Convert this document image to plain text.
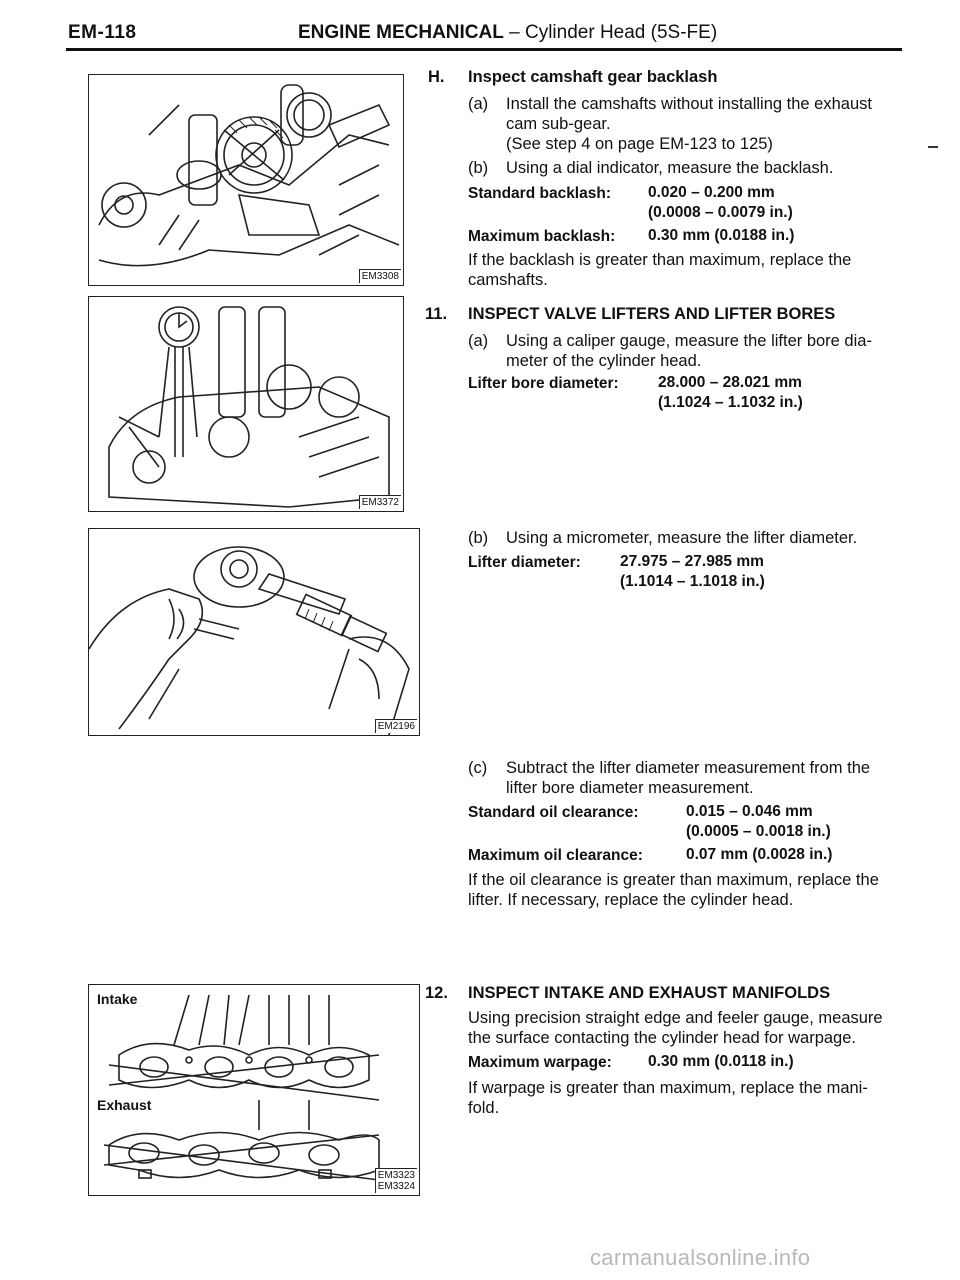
EM-118	ENGINE MECHANICAL – Cylinder Head (5S-FE)
EM3308
EM3372
EM2196
Intake
Exhaust
EM3323
EM3324
H. Inspect camshaft gear backlash
(a) Install the camshafts without installing the exhaust
cam sub-gear.
(See step 4 on page EM-123 to 125)
(b) Using a dial indicator, measure the backlash.
Standard backlash: 0.020 – 0.200 mm
(0.0008 – 0.0079 in.)
Maximum backlash: 0.30 mm (0.0188 in.)
If the backlash is greater than maximum, replace the
camshafts.
11. INSPECT VALVE LIFTERS AND LIFTER BORES
(a) Using a caliper gauge, measure the lifter bore dia-
meter of the cylinder head.
Lifter bore diameter:	28.000 – 28.021 mm
(1.1024 – 1.1032 in.)
(b) Using a micrometer, measure the lifter diameter.
Lifter diameter:	27.975 – 27.985 mm
(1.1014 – 1.1018 in.)
(c) Subtract the lifter diameter measurement from the
lifter bore diameter measurement.
Standard oil clearance:	0.015 – 0.046 mm
(0.0005 – 0.0018 in.)
Maximum oil clearance:	0.07 mm (0.0028 in.)
If the oil clearance is greater than maximum, replace the
lifter. If necessary, replace the cylinder head.
12. INSPECT INTAKE AND EXHAUST MANIFOLDS
Using precision straight edge and feeler gauge, measure
the surface contacting the cylinder head for warpage.
Maximum warpage: 0.30 mm (0.0118 in.)
If warpage is greater than maximum, replace the mani-
fold.
carmanualsonline.info
